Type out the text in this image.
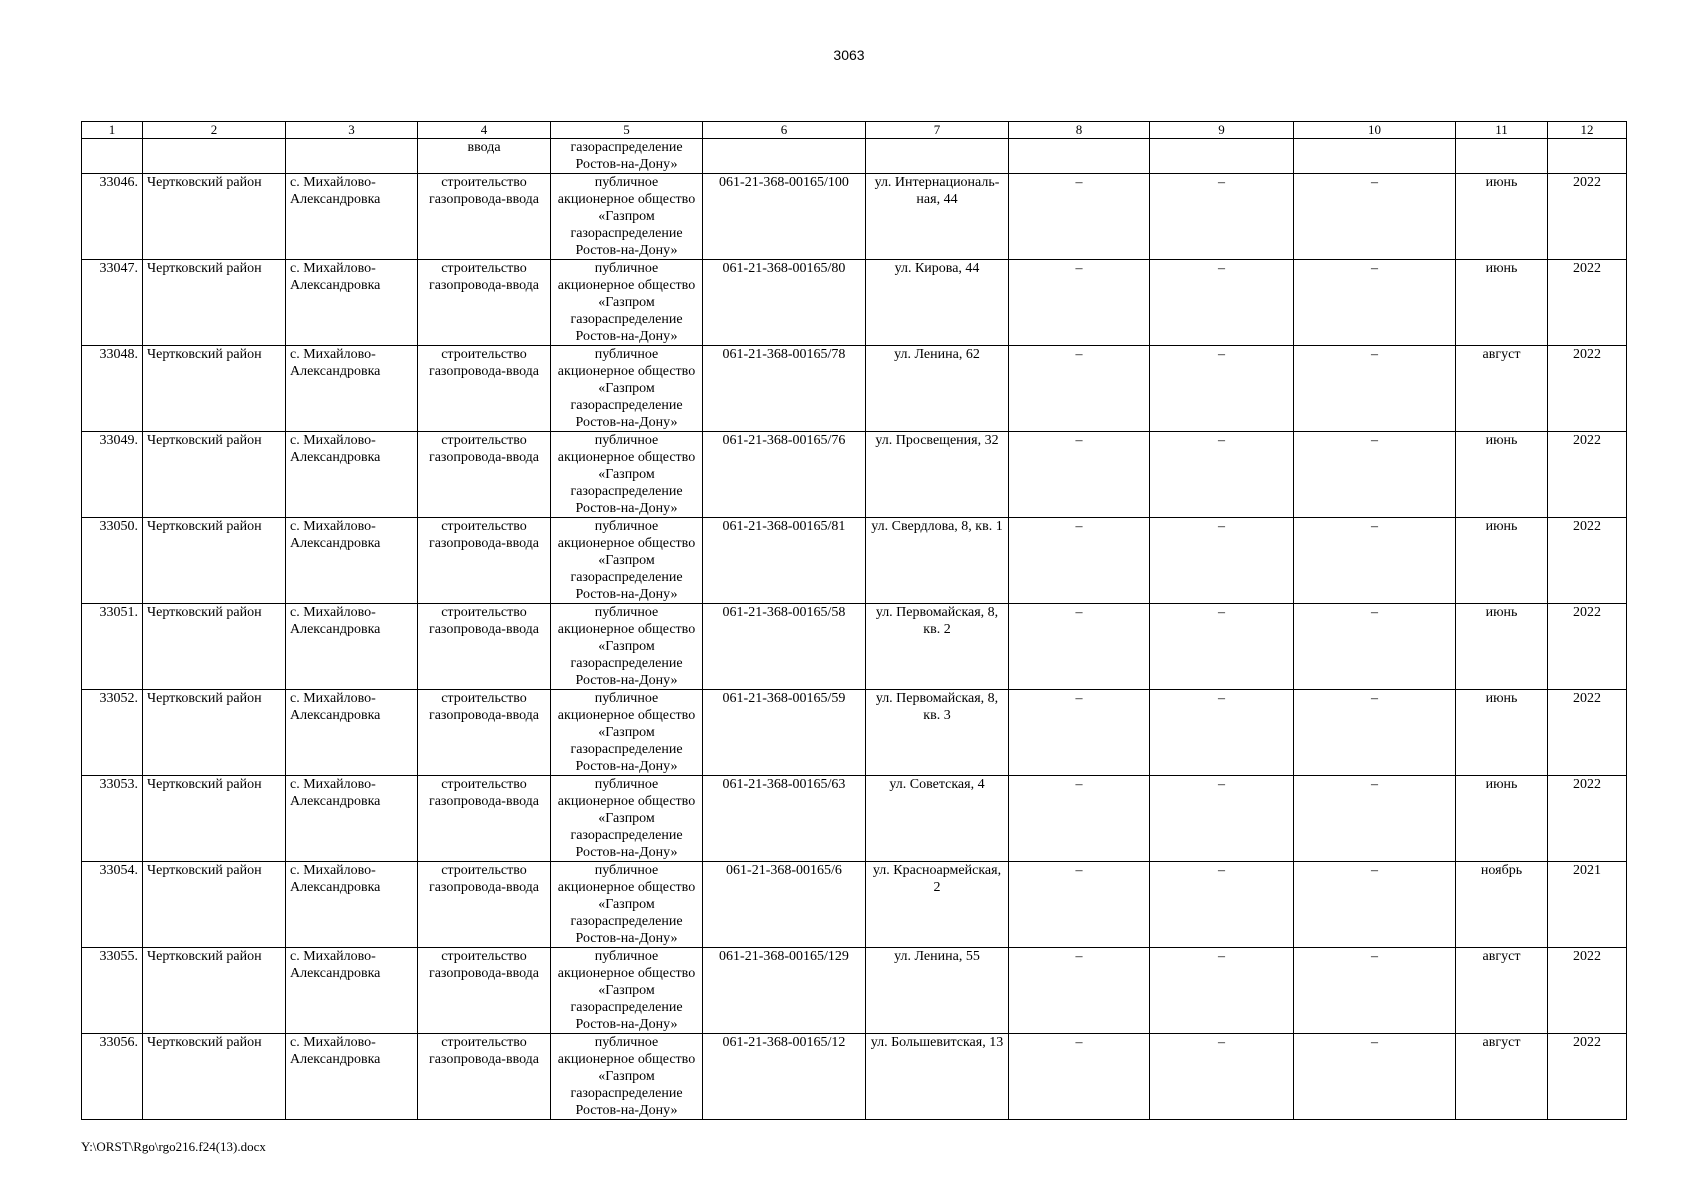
3063
1	2	3	4	5	6	7	8	9	10	11	12
			ввода	газораспределение Ростов-на-Дону»							
33046.	Чертковский район	с. Михайлово-Александровка	строительство газопровода-ввода	публичное акционерное общество «Газпром газораспределение Ростов-на-Дону»	061-21-368-00165/100	ул. Интернациональ-ная, 44	–	–	–	июнь	2022
33047.	Чертковский район	с. Михайлово-Александровка	строительство газопровода-ввода	публичное акционерное общество «Газпром газораспределение Ростов-на-Дону»	061-21-368-00165/80	ул. Кирова, 44	–	–	–	июнь	2022
33048.	Чертковский район	с. Михайлово-Александровка	строительство газопровода-ввода	публичное акционерное общество «Газпром газораспределение Ростов-на-Дону»	061-21-368-00165/78	ул. Ленина, 62	–	–	–	август	2022
33049.	Чертковский район	с. Михайлово-Александровка	строительство газопровода-ввода	публичное акционерное общество «Газпром газораспределение Ростов-на-Дону»	061-21-368-00165/76	ул. Просвещения, 32	–	–	–	июнь	2022
33050.	Чертковский район	с. Михайлово-Александровка	строительство газопровода-ввода	публичное акционерное общество «Газпром газораспределение Ростов-на-Дону»	061-21-368-00165/81	ул. Свердлова, 8, кв. 1	–	–	–	июнь	2022
33051.	Чертковский район	с. Михайлово-Александровка	строительство газопровода-ввода	публичное акционерное общество «Газпром газораспределение Ростов-на-Дону»	061-21-368-00165/58	ул. Первомайская, 8, кв. 2	–	–	–	июнь	2022
33052.	Чертковский район	с. Михайлово-Александровка	строительство газопровода-ввода	публичное акционерное общество «Газпром газораспределение Ростов-на-Дону»	061-21-368-00165/59	ул. Первомайская, 8, кв. 3	–	–	–	июнь	2022
33053.	Чертковский район	с. Михайлово-Александровка	строительство газопровода-ввода	публичное акционерное общество «Газпром газораспределение Ростов-на-Дону»	061-21-368-00165/63	ул. Советская, 4	–	–	–	июнь	2022
33054.	Чертковский район	с. Михайлово-Александровка	строительство газопровода-ввода	публичное акционерное общество «Газпром газораспределение Ростов-на-Дону»	061-21-368-00165/6	ул. Красноармейская, 2	–	–	–	ноябрь	2021
33055.	Чертковский район	с. Михайлово-Александровка	строительство газопровода-ввода	публичное акционерное общество «Газпром газораспределение Ростов-на-Дону»	061-21-368-00165/129	ул. Ленина, 55	–	–	–	август	2022
33056.	Чертковский район	с. Михайлово-Александровка	строительство газопровода-ввода	публичное акционерное общество «Газпром газораспределение Ростов-на-Дону»	061-21-368-00165/12	ул. Большевитская, 13	–	–	–	август	2022
Y:\ORST\Rgo\rgo216.f24(13).docx
